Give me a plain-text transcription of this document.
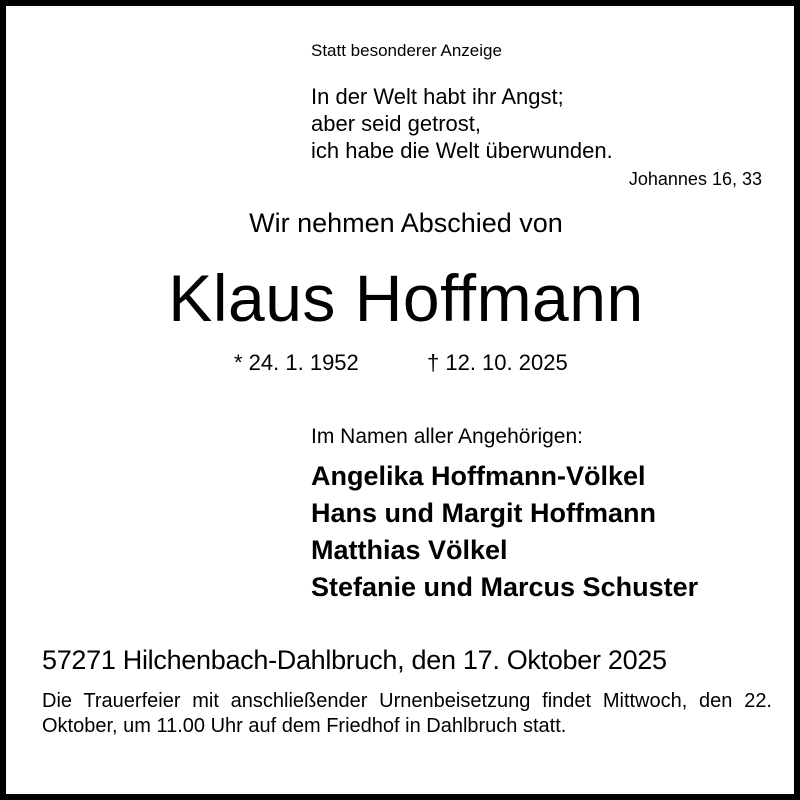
Statt besonderer Anzeige
In der Welt habt ihr Angst;
aber seid getrost,
ich habe die Welt überwunden.
Johannes 16, 33
Wir nehmen Abschied von
Klaus Hoffmann
* 24. 1. 1952	† 12. 10. 2025
Im Namen aller Angehörigen:
Angelika Hoffmann-Völkel
Hans und Margit Hoffmann
Matthias Völkel
Stefanie und Marcus Schuster
57271 Hilchenbach-Dahlbruch, den 17. Oktober 2025
Die Trauerfeier mit anschließender Urnenbeisetzung findet Mittwoch, den 22. Oktober, um 11.00 Uhr auf dem Friedhof in Dahlbruch statt.
